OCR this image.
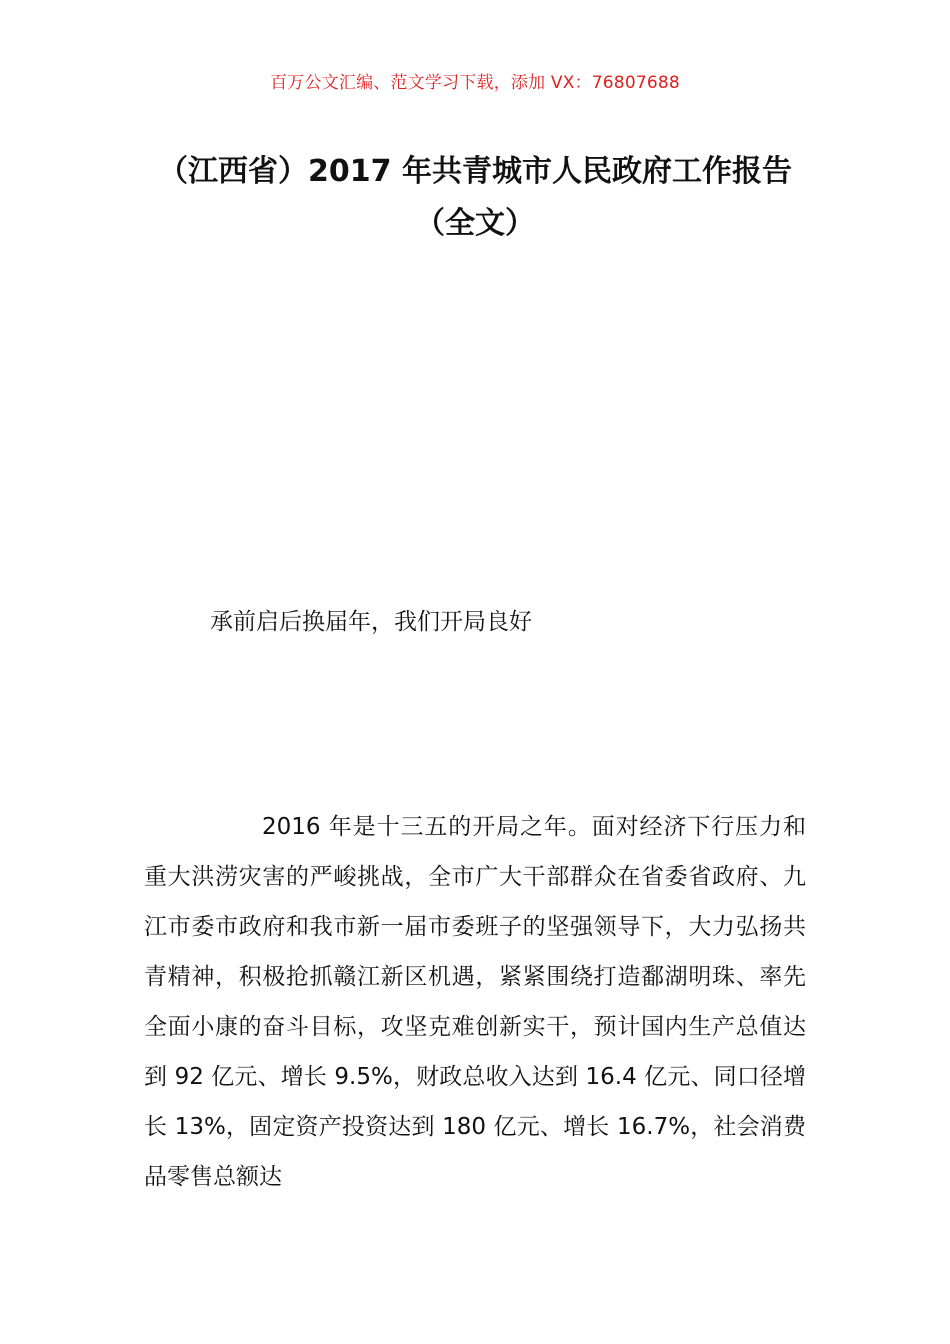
百万公文汇编、范文学习下载，添加 VX：76807688
（江西省）2017 年共青城市人民政府工作报告（全文）
承前启后换届年，我们开局良好
2016 年是十三五的开局之年。面对经济下行压力和重大洪涝灾害的严峻挑战，全市广大干部群众在省委省政府、九江市委市政府和我市新一届市委班子的坚强领导下，大力弘扬共青精神，积极抢抓赣江新区机遇，紧紧围绕打造鄱湖明珠、率先全面小康的奋斗目标，攻坚克难创新实干，预计国内生产总值达到 92 亿元、增长 9.5%，财政总收入达到 16.4 亿元、同口径增长 13%，固定资产投资达到 180 亿元、增长 16.7%，社会消费品零售总额达
